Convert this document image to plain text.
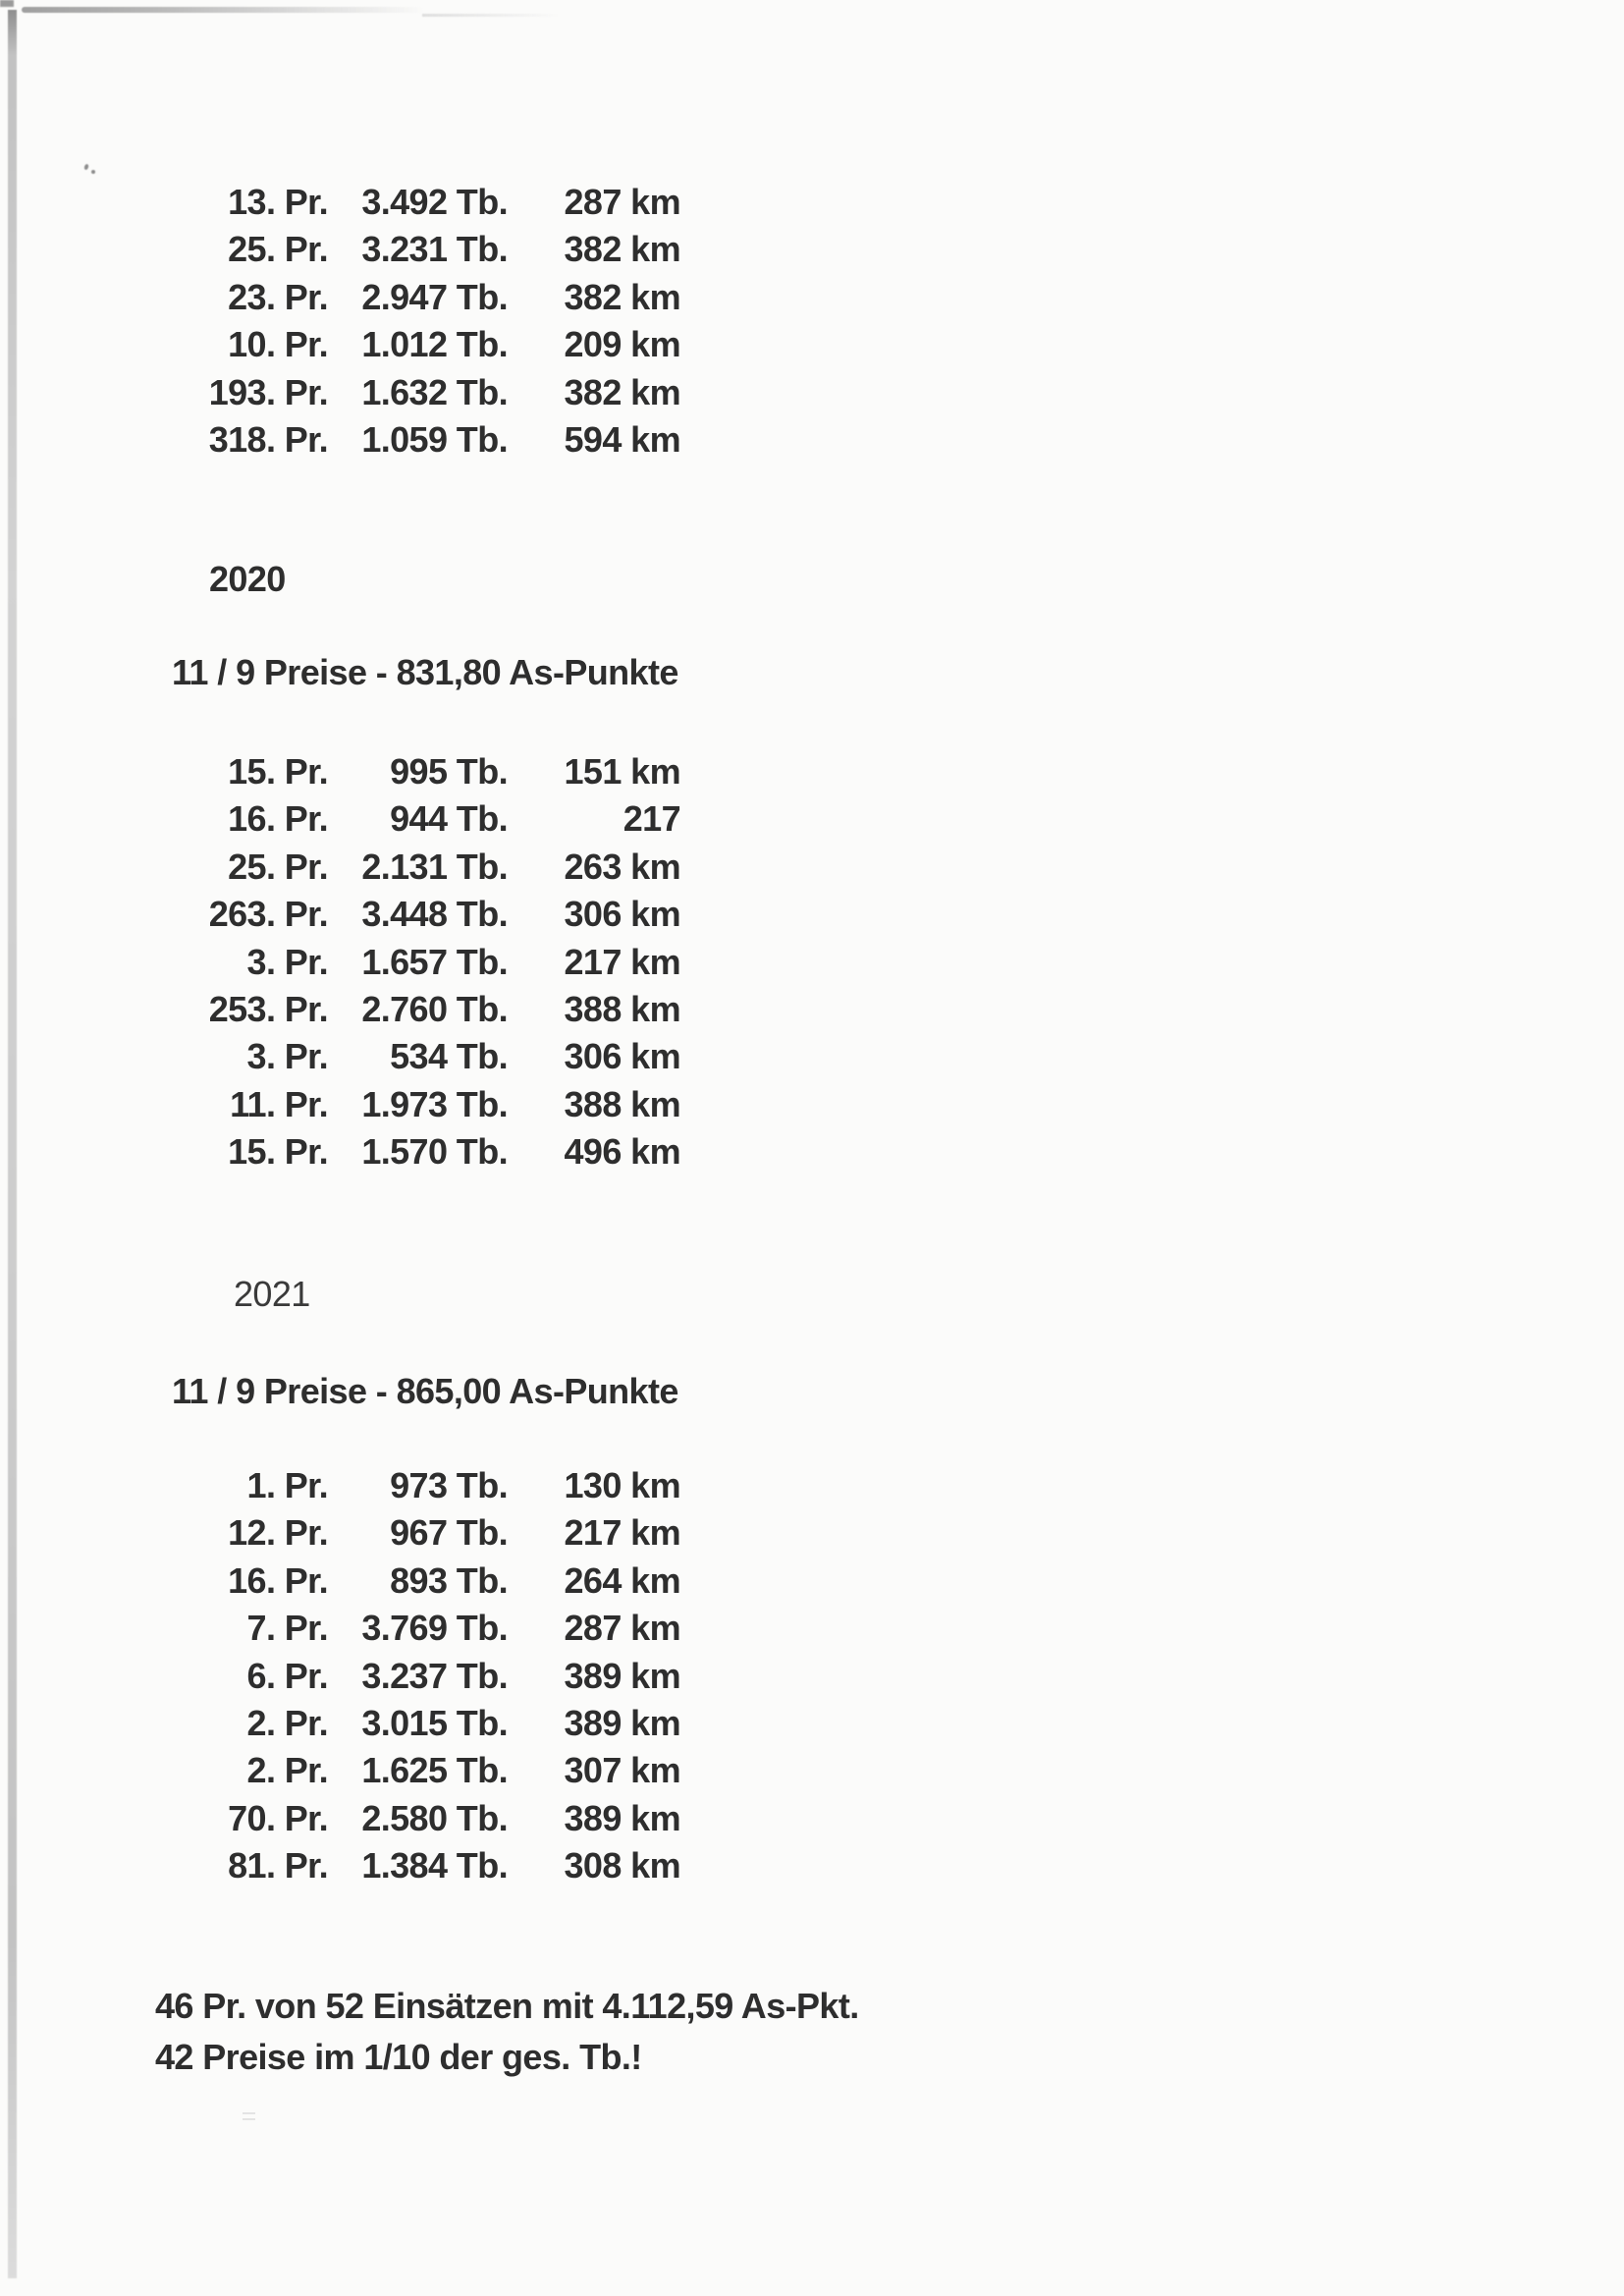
13. Pr. 3.492 Tb.	287 km
25. Pr. 3.231 Tb.	382 km
23. Pr. 2.947 Tb.	382 km
10. Pr. 1.012 Tb.	209 km
193. Pr. 1.632 Tb.	382 km
318. Pr. 1.059 Tb.	594 km
2020
11 / 9 Preise - 831,80 As-Punkte
15. Pr.	995 Tb.	151 km
16. Pr.	944 Tb.	217
25. Pr. 2.131 Tb.	263 km
263. Pr. 3.448 Tb.	306 km
3. Pr. 1.657 Tb.	217 km
253. Pr. 2.760 Tb.	388 km
3. Pr.	534 Tb.	306 km
11. Pr. 1.973 Tb.	388 km
15. Pr. 1.570 Tb.	496 km
2021
11 / 9 Preise - 865,00 As-Punkte
1. Pr.	973 Tb.	130 km
12. Pr.	967 Tb.	217 km
16. Pr.	893 Tb.	264 km
7. Pr. 3.769 Tb.	287 km
6. Pr. 3.237 Tb.	389 km
2. Pr. 3.015 Tb.	389 km
2. Pr. 1.625 Tb.	307 km
70. Pr. 2.580 Tb.	389 km
81. Pr. 1.384 Tb.	308 km
46 Pr. von 52 Einsätzen mit 4.112,59 As-Pkt.
42 Preise im 1/10 der ges. Tb.!
